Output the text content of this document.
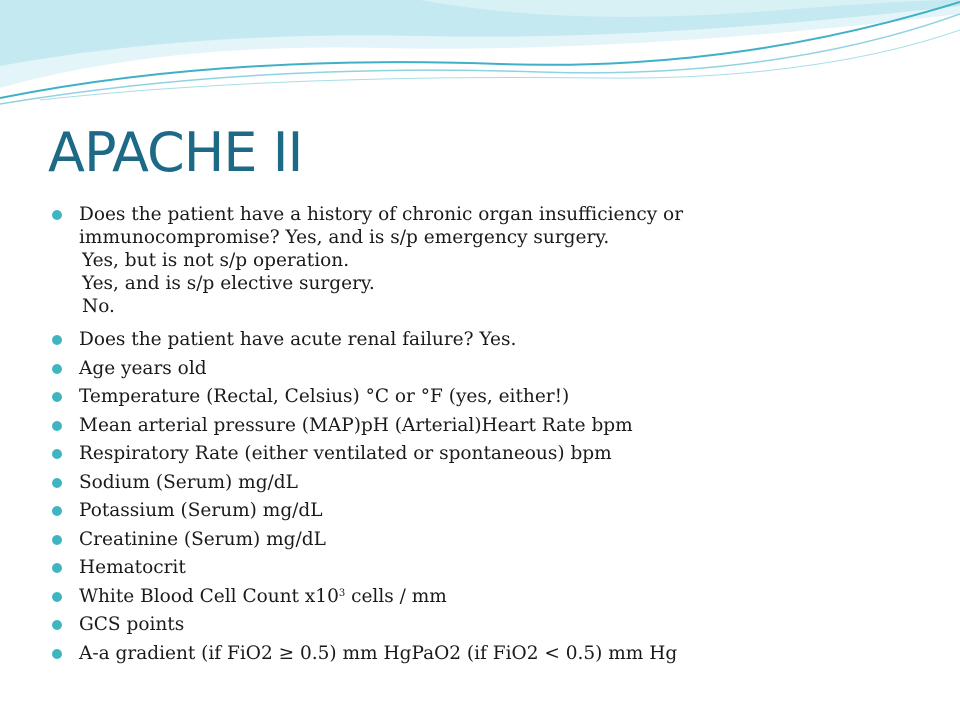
APACHE II
Does the patient have a history of chronic organ insufficiency or
immunocompromise? Yes, and is s/p emergency surgery.
Yes, but is not s/p operation.
Yes, and is s/p elective surgery.
No.
Does the patient have acute renal failure? Yes.
Age years old
Temperature (Rectal, Celsius) °C or °F (yes, either!)
Mean arterial pressure (MAP)pH (Arterial)Heart Rate bpm
Respiratory Rate (either ventilated or spontaneous) bpm
Sodium (Serum) mg/dL
Potassium (Serum) mg/dL
Creatinine (Serum) mg/dL
Hematocrit
White Blood Cell Count $x10^3$ cells / mm
GCS points
A-a gradient (if FiO2 ≥ 0.5) mm HgPaO2 (if FiO2 < 0.5) mm Hg
